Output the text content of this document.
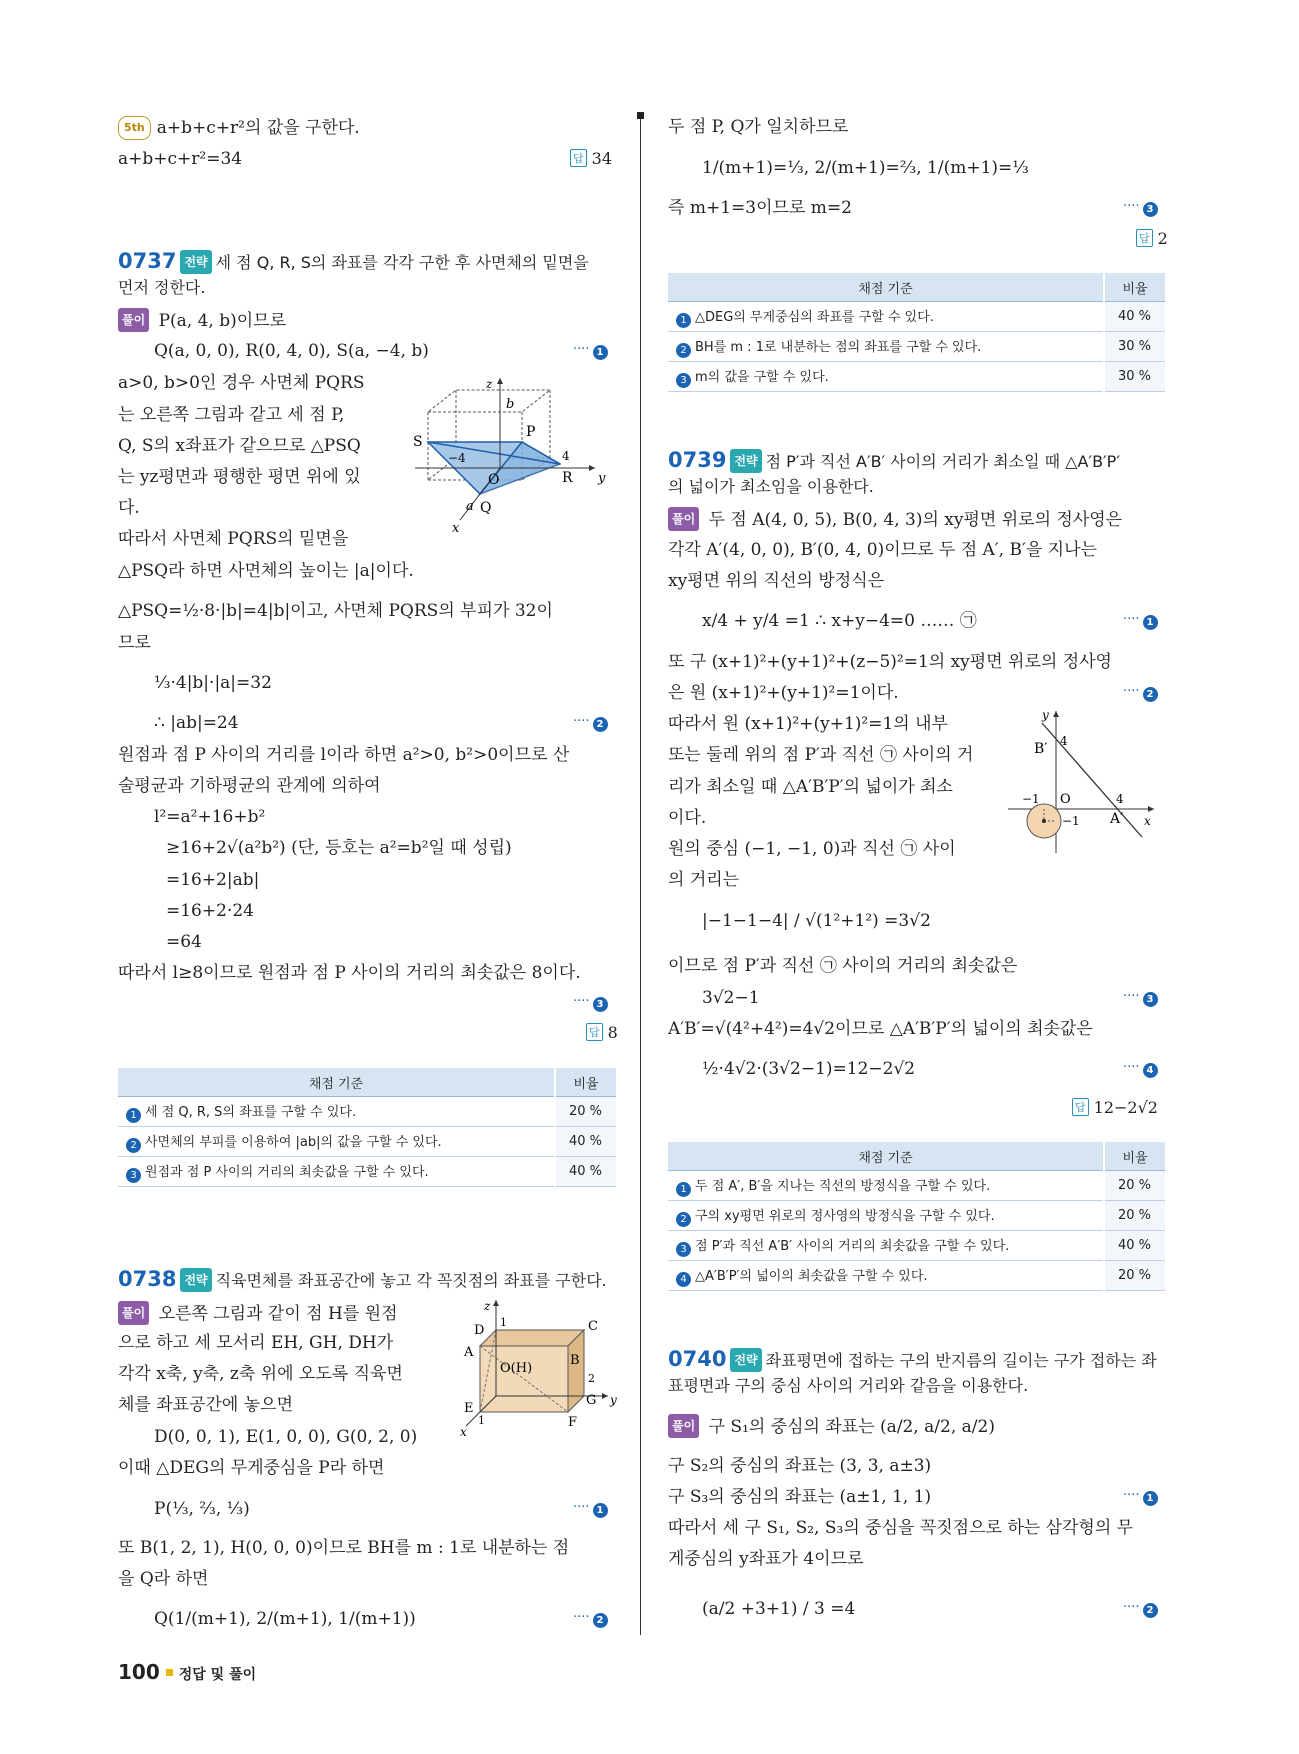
5th a+b+c+r²의 값을 구한다.
a+b+c+r²=34	답 34
0737 전략 세 점 Q, R, S의 좌표를 각각 구한 후 사면체의 밑면을
먼저 정한다.
풀이 P(a, 4, b)이므로
Q(a, 0, 0), R(0, 4, 0), S(a, −4, b)	···· 1
a>0, b>0인 경우 사면체 PQRS
는 오른쪽 그림과 같고 세 점 P,
Q, S의 x좌표가 같으므로 △PSQ
는 yz평면과 평행한 평면 위에 있
다.
따라서 사면체 PQRS의 밑면을
△PSQ라 하면 사면체의 높이는 |a|이다.
△PSQ=½·8·|b|=4|b|이고, 사면체 PQRS의 부피가 32이
므로
⅓·4|b|·|a|=32
∴ |ab|=24	···· 2
원점과 점 P 사이의 거리를 l이라 하면 a²>0, b²>0이므로 산
술평균과 기하평균의 관계에 의하여
l²=a²+16+b²
≥16+2√(a²b²) (단, 등호는 a²=b²일 때 성립)
=16+2|ab|
=16+2·24
=64
따라서 l≥8이므로 원점과 점 P 사이의 거리의 최솟값은 8이다.
···· 3
답 8
z
b
P
S
−4
O
4
R y
a Q
x
채점 기준	비율
1 세 점 Q, R, S의 좌표를 구할 수 있다.	20 %
2 사면체의 부피를 이용하여 |ab|의 값을 구할 수 있다.	40 %
3 원점과 점 P 사이의 거리의 최솟값을 구할 수 있다.	40 %
0738 전략 직육면체를 좌표공간에 놓고 각 꼭짓점의 좌표를 구한다.
풀이 오른쪽 그림과 같이 점 H를 원점
으로 하고 세 모서리 EH, GH, DH가
각각 x축, y축, z축 위에 오도록 직육면
체를 좌표공간에 놓으면
D(0, 0, 1), E(1, 0, 0), G(0, 2, 0)
이때 △DEG의 무게중심을 P라 하면
P(⅓, ⅔, ⅓)	···· 1
또 B(1, 2, 1), H(0, 0, 0)이므로 BH를 m : 1로 내분하는 점
을 Q라 하면
Q(1/(m+1), 2/(m+1), 1/(m+1))	···· 2
z
D
1	C
A
O(H)
B
2
G y
E
1	F
x
두 점 P, Q가 일치하므로
1/(m+1)=⅓, 2/(m+1)=⅔, 1/(m+1)=⅓
즉 m+1=3이므로 m=2	···· 3
답 2
채점 기준	비율
1 △DEG의 무게중심의 좌표를 구할 수 있다.	40 %
2 BH를 m : 1로 내분하는 점의 좌표를 구할 수 있다.	30 %
3 m의 값을 구할 수 있다.	30 %
0739 전략 점 P′과 직선 A′B′ 사이의 거리가 최소일 때 △A′B′P′
의 넓이가 최소임을 이용한다.
풀이 두 점 A(4, 0, 5), B(0, 4, 3)의 xy평면 위로의 정사영은
각각 A′(4, 0, 0), B′(0, 4, 0)이므로 두 점 A′, B′을 지나는
xy평면 위의 직선의 방정식은
x/4 + y/4 =1 ∴ x+y−4=0 …… ㉠	···· 1
또 구 (x+1)²+(y+1)²+(z−5)²=1의 xy평면 위로의 정사영
은 원 (x+1)²+(y+1)²=1이다.	···· 2
따라서 원 (x+1)²+(y+1)²=1의 내부
또는 둘레 위의 점 P′과 직선 ㉠ 사이의 거
리가 최소일 때 △A′B′P′의 넓이가 최소
이다.
원의 중심 (−1, −1, 0)과 직선 ㉠ 사이
의 거리는
|−1−1−4| / √(1²+1²) =3√2
이므로 점 P′과 직선 ㉠ 사이의 거리의 최솟값은
3√2−1	···· 3
A′B′=√(4²+4²)=4√2이므로 △A′B′P′의 넓이의 최솟값은
½·4√2·(3√2−1)=12−2√2	···· 4
답 12−2√2
y
B′ 4
−1 O	4
−1 A′ x
채점 기준	비율
1 두 점 A′, B′을 지나는 직선의 방정식을 구할 수 있다.	20 %
2 구의 xy평면 위로의 정사영의 방정식을 구할 수 있다.	20 %
3 점 P′과 직선 A′B′ 사이의 거리의 최솟값을 구할 수 있다.	40 %
4 △A′B′P′의 넓이의 최솟값을 구할 수 있다.	20 %
0740 전략 좌표평면에 접하는 구의 반지름의 길이는 구가 접하는 좌
표평면과 구의 중심 사이의 거리와 같음을 이용한다.
풀이 구 S₁의 중심의 좌표는 (a/2, a/2, a/2)
구 S₂의 중심의 좌표는 (3, 3, a±3)
구 S₃의 중심의 좌표는 (a±1, 1, 1)	···· 1
따라서 세 구 S₁, S₂, S₃의 중심을 꼭짓점으로 하는 삼각형의 무
게중심의 y좌표가 4이므로
(a/2 +3+1) / 3 =4	···· 2
100 정답 및 풀이
